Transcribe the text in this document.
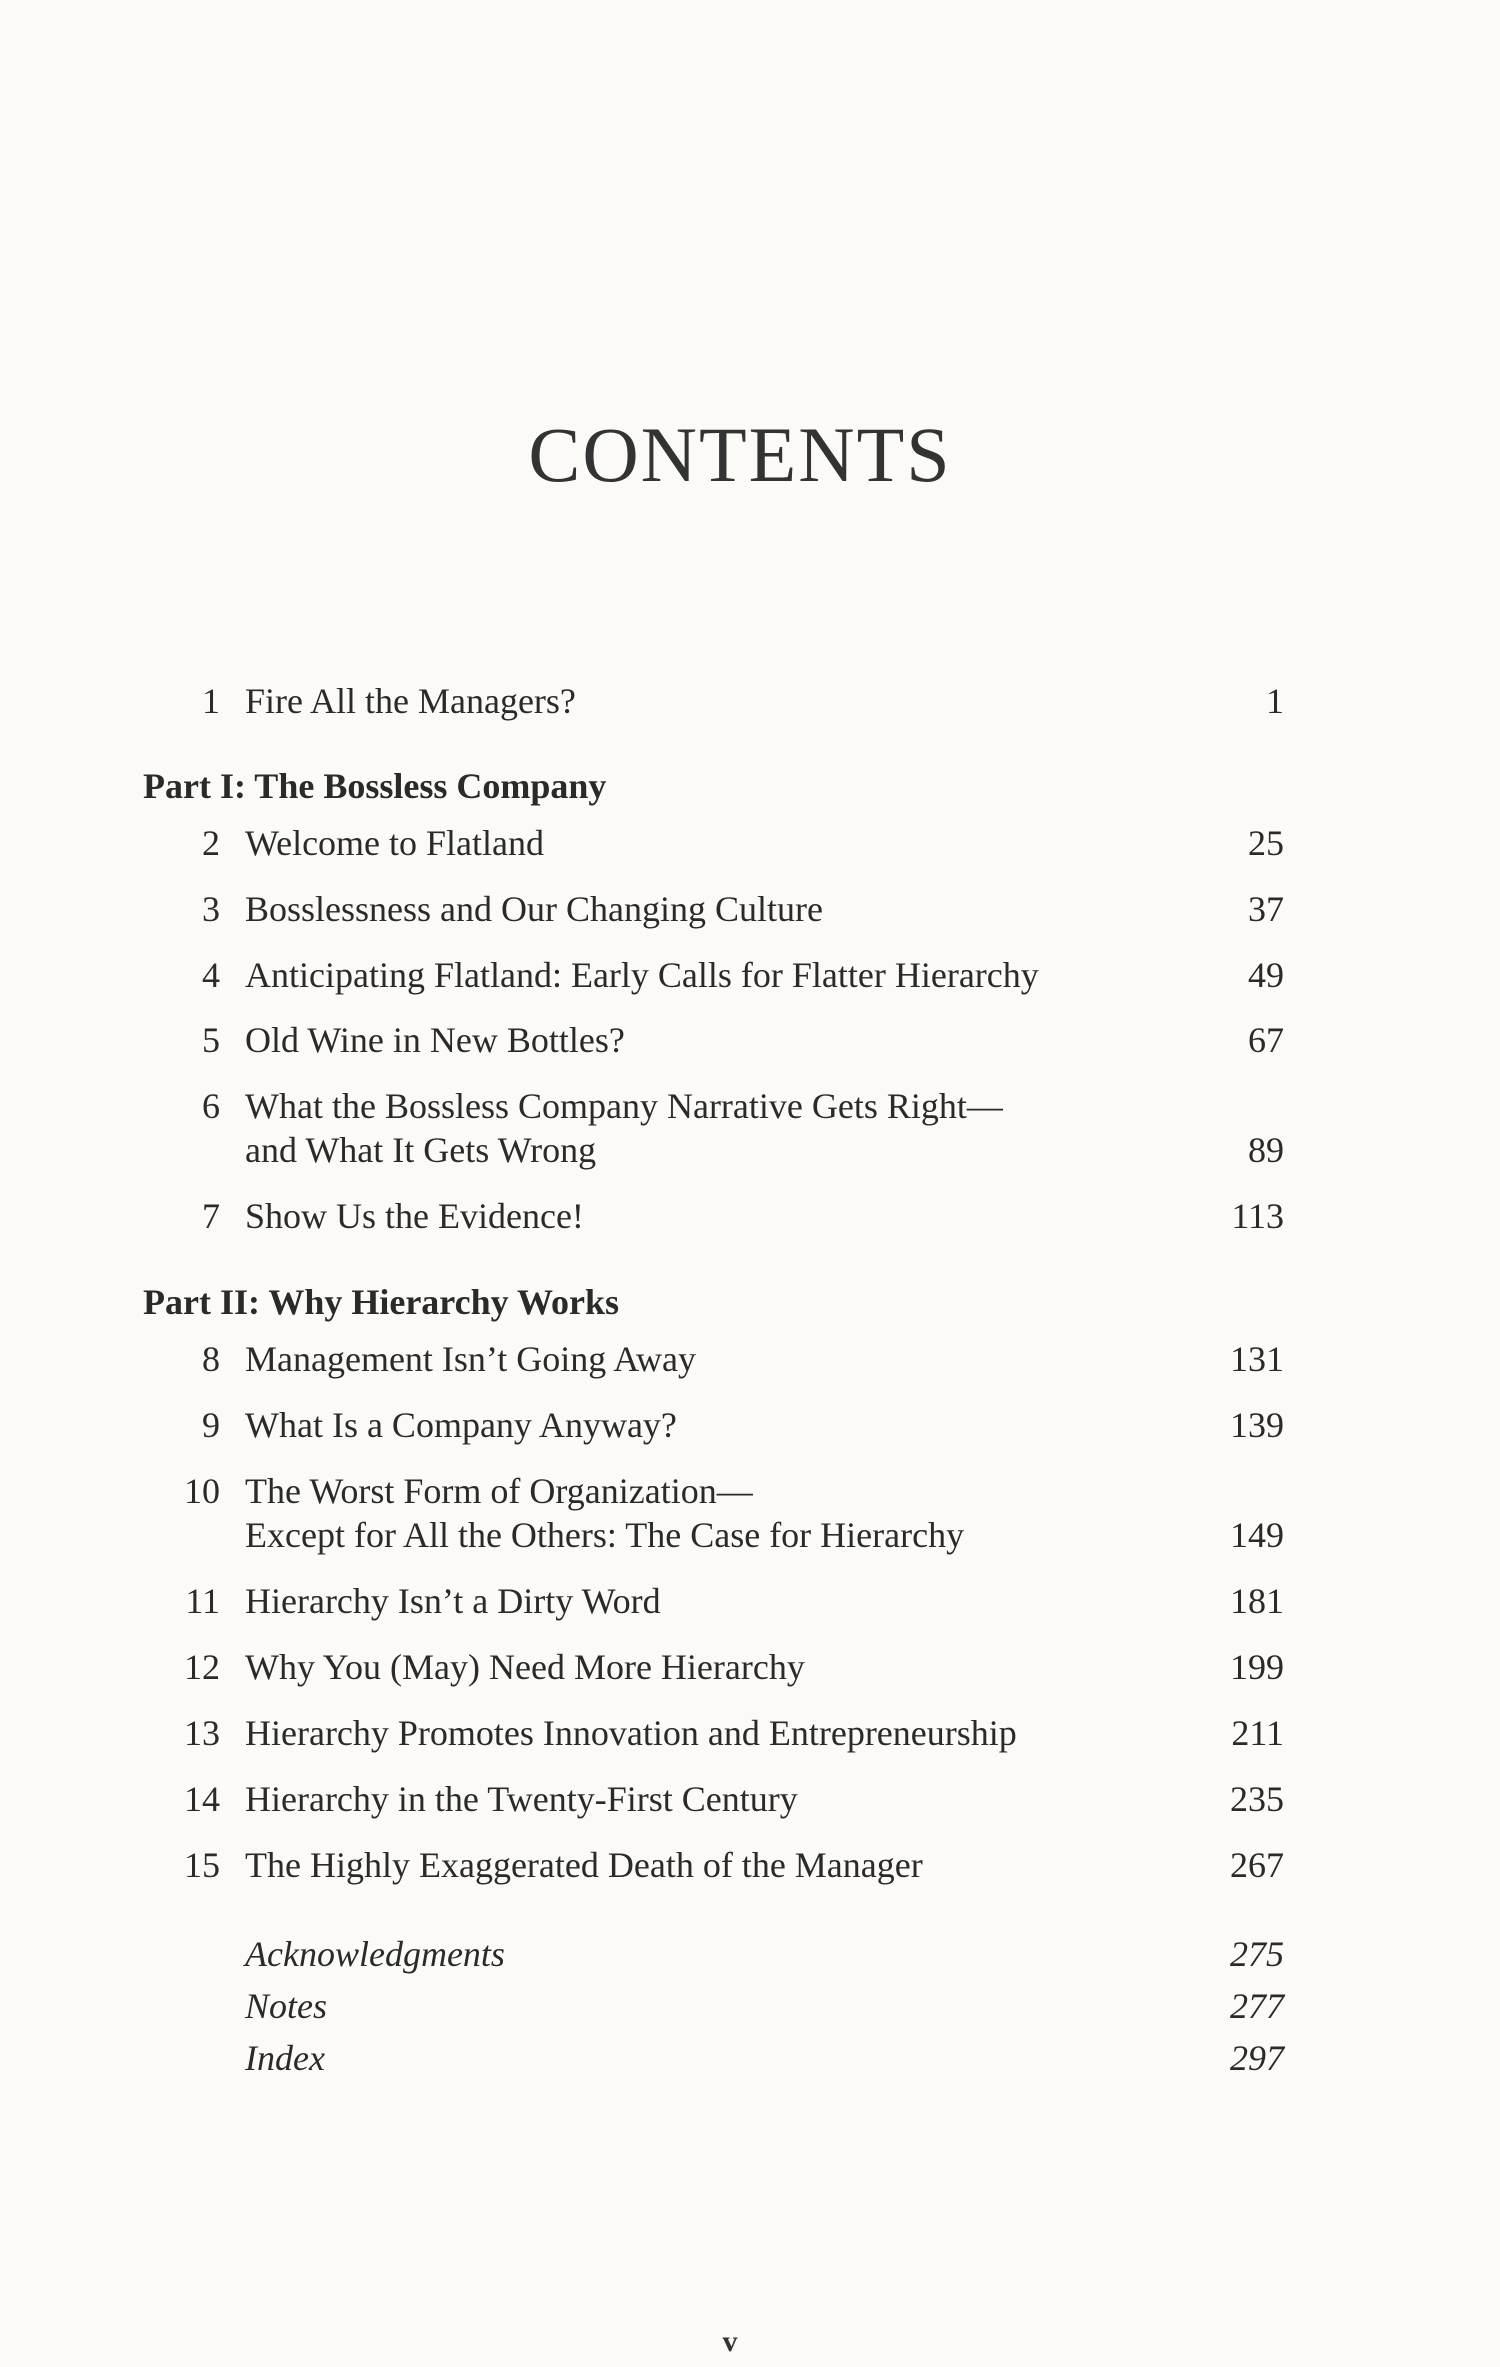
CONTENTS
1 Fire All the Managers?	1
Part I: The Bossless Company
2 Welcome to Flatland	25
3 Bosslessness and Our Changing Culture	37
4 Anticipating Flatland: Early Calls for Flatter Hierarchy	49
5 Old Wine in New Bottles?	67
6 What the Bossless Company Narrative Gets Right—
and What It Gets Wrong	89
7 Show Us the Evidence!	113
Part II: Why Hierarchy Works
8 Management Isn’t Going Away	131
9 What Is a Company Anyway?	139
10 The Worst Form of Organization—
Except for All the Others: The Case for Hierarchy	149
11 Hierarchy Isn’t a Dirty Word	181
12 Why You (May) Need More Hierarchy	199
13 Hierarchy Promotes Innovation and Entrepreneurship	211
14 Hierarchy in the Twenty-First Century	235
15 The Highly Exaggerated Death of the Manager	267
Acknowledgments	275
Notes	277
Index	297
v
